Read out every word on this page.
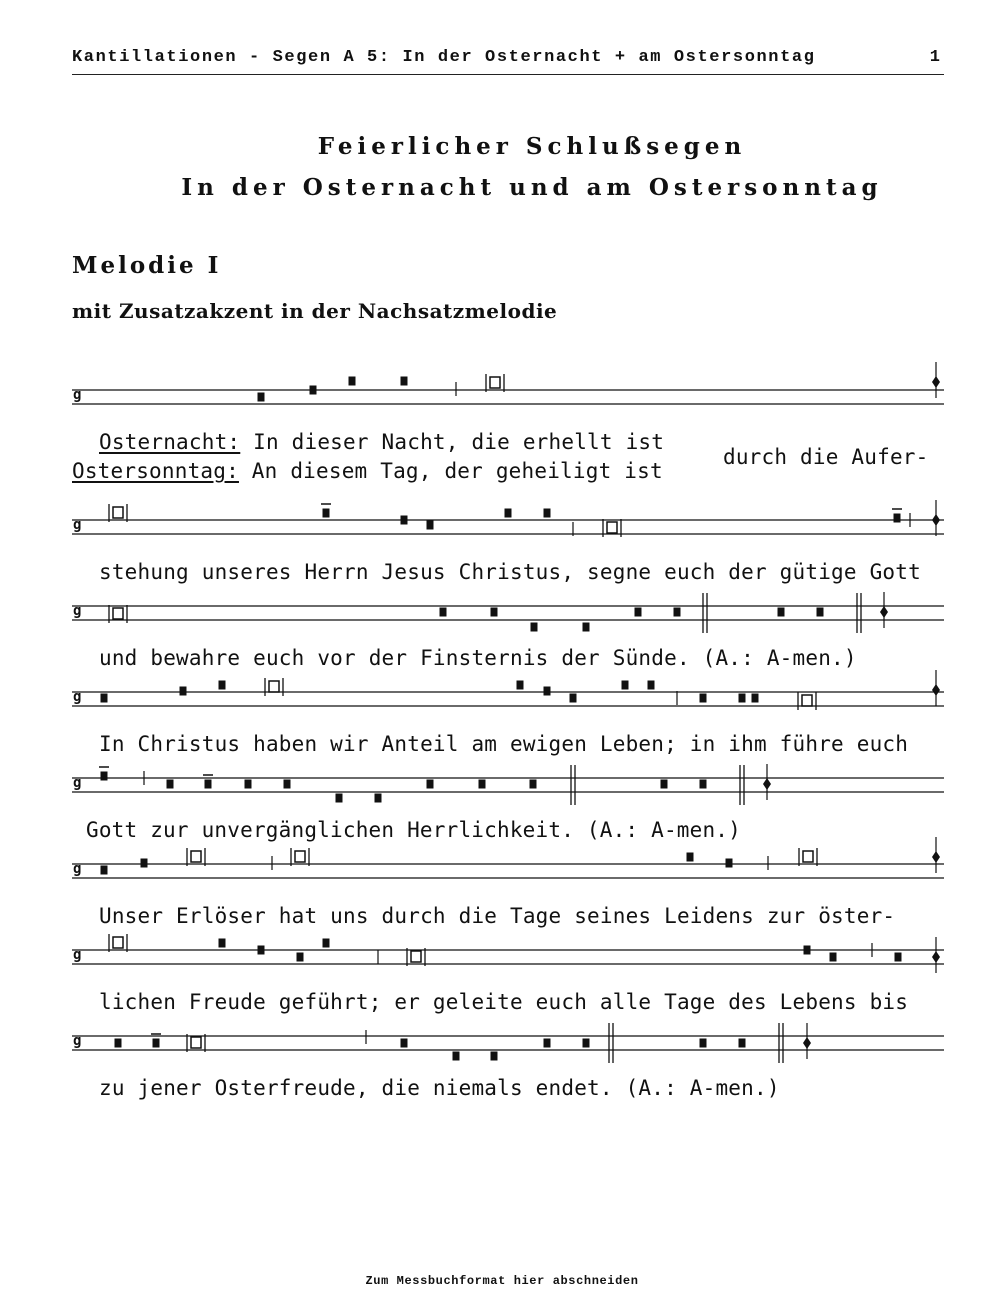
Kantillationen - Segen A 5: In der Osternacht + am Ostersonntag	1
Feierlicher Schlußsegen
In der Osternacht und am Ostersonntag
Melodie I
mit Zusatzakzent in der Nachsatzmelodie
Osternacht: In dieser Nacht, die erhellt ist
Ostersonntag: An diesem Tag, der geheiligt ist
durch die Aufer-
stehung unseres Herrn Jesus Christus, segne euch der gütige Gott
und bewahre euch vor der Finsternis der Sünde. (A.: A-men.)
In Christus haben wir Anteil am ewigen Leben; in ihm führe euch
Gott zur unvergänglichen Herrlichkeit. (A.: A-men.)
Unser Erlöser hat uns durch die Tage seines Leidens zur öster-
lichen Freude geführt; er geleite euch alle Tage des Lebens bis
zu jener Osterfreude, die niemals endet. (A.: A-men.)
Zum Messbuchformat hier abschneiden
g
g
g
g
g
g
g
g
